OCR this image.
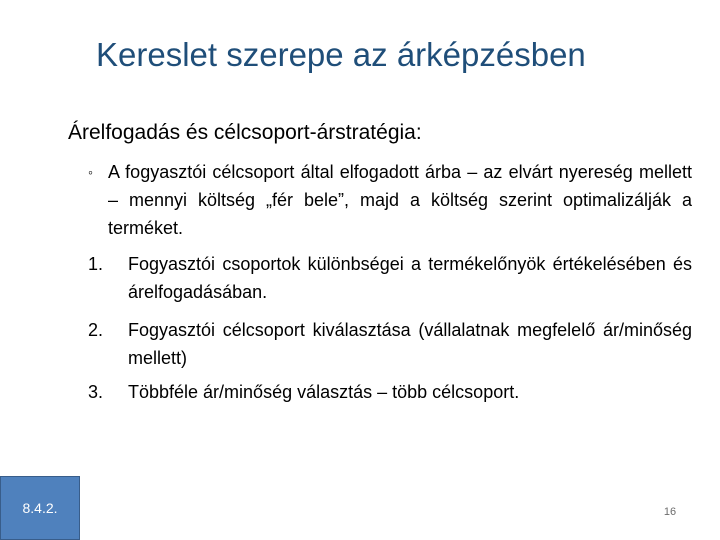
Kereslet szerepe az árképzésben
Árelfogadás és célcsoport-árstratégia:
◦ A fogyasztói célcsoport által elfogadott árba – az elvárt nyereség mellett – mennyi költség „fér bele”, majd a költség szerint optimalizálják a terméket.
1.	Fogyasztói csoportok különbségei a termékelőnyök értékelésében és árelfogadásában.
2.	Fogyasztói célcsoport kiválasztása (vállalatnak megfelelő ár/minőség mellett)
3.	Többféle ár/minőség választás – több célcsoport.
8.4.2.	16
